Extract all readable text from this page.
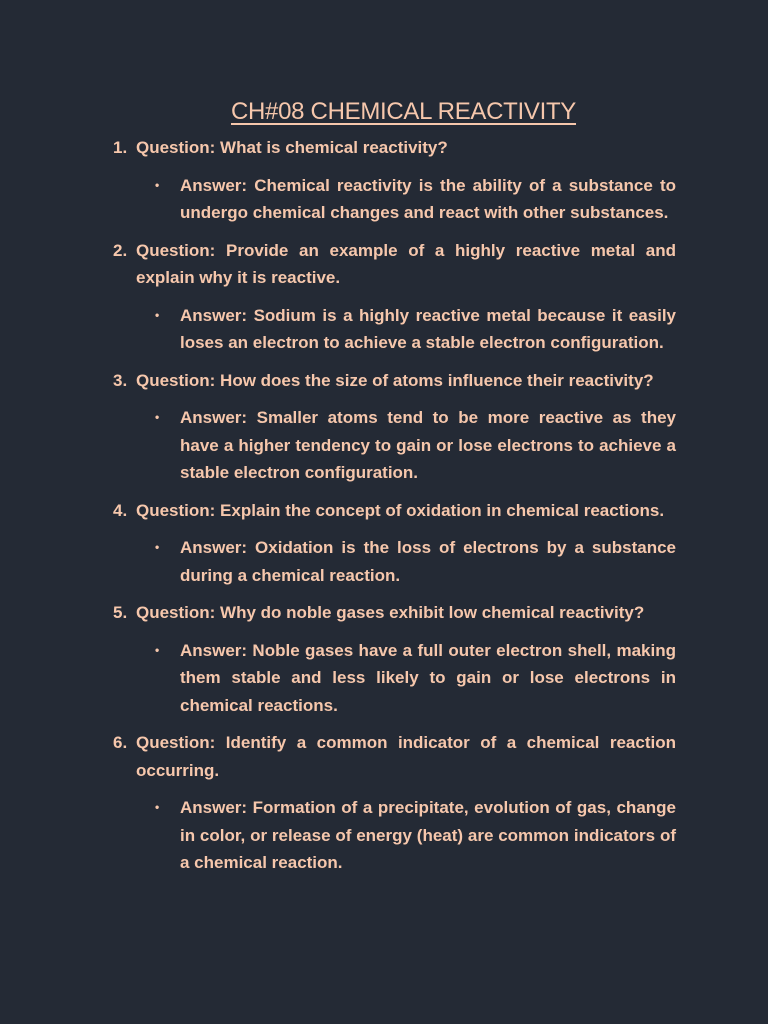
CH#08 CHEMICAL REACTIVITY
1. Question: What is chemical reactivity?
•	Answer: Chemical reactivity is the ability of a substance to undergo chemical changes and react with other substances.
2. Question: Provide an example of a highly reactive metal and explain why it is reactive.
•	Answer: Sodium is a highly reactive metal because it easily loses an electron to achieve a stable electron configuration.
3. Question: How does the size of atoms influence their reactivity?
•	Answer: Smaller atoms tend to be more reactive as they have a higher tendency to gain or lose electrons to achieve a stable electron configuration.
4. Question: Explain the concept of oxidation in chemical reactions.
•	Answer: Oxidation is the loss of electrons by a substance during a chemical reaction.
5. Question: Why do noble gases exhibit low chemical reactivity?
•	Answer: Noble gases have a full outer electron shell, making them stable and less likely to gain or lose electrons in chemical reactions.
6. Question: Identify a common indicator of a chemical reaction occurring.
•	Answer: Formation of a precipitate, evolution of gas, change in color, or release of energy (heat) are common indicators of a chemical reaction.
